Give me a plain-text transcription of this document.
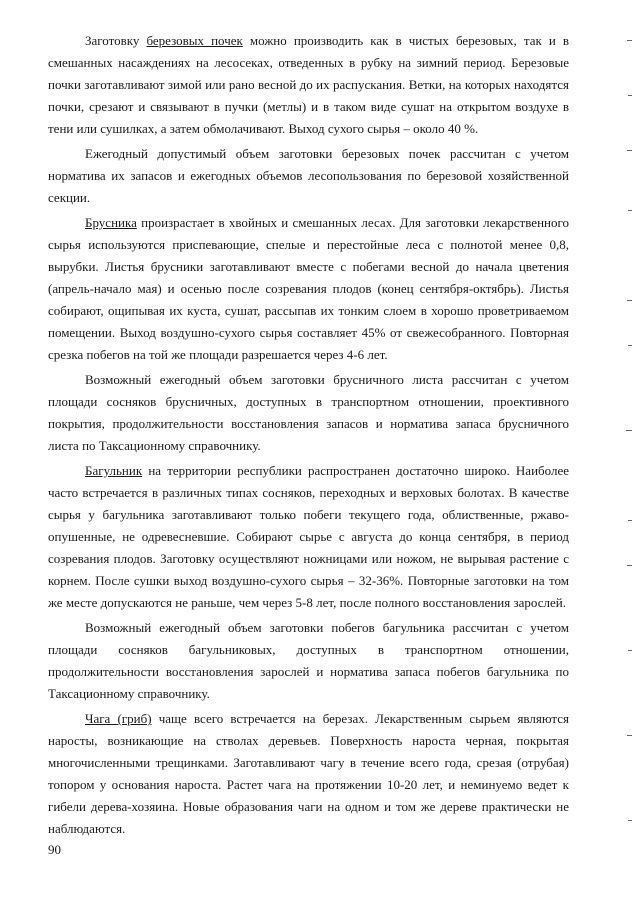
Заготовку березовых почек можно производить как в чистых березовых, так и в смешанных насаждениях на лесосеках, отведенных в рубку на зимний период. Березовые почки заготавливают зимой или рано весной до их распускания. Ветки, на которых находятся почки, срезают и связывают в пучки (метлы) и в таком виде сушат на открытом воздухе в тени или сушилках, а затем обмолачивают. Выход сухого сырья – около 40 %.

Ежегодный допустимый объем заготовки березовых почек рассчитан с учетом норматива их запасов и ежегодных объемов лесопользования по березовой хозяйственной секции.

Брусника произрастает в хвойных и смешанных лесах. Для заготовки лекарственного сырья используются приспевающие, спелые и перестойные леса с полнотой менее 0,8, вырубки. Листья брусники заготавливают вместе с побегами весной до начала цветения (апрель-начало мая) и осенью после созревания плодов (конец сентября-октябрь). Листья собирают, ощипывая их куста, сушат, рассыпав их тонким слоем в хорошо проветриваемом помещении. Выход воздушно-сухого сырья составляет 45% от свежесобранного. Повторная срезка побегов на той же площади разрешается через 4-6 лет.

Возможный ежегодный объем заготовки брусничного листа рассчитан с учетом площади сосняков брусничных, доступных в транспортном отношении, проективного покрытия, продолжительности восстановления запасов и норматива запаса брусничного листа по Таксационному справочнику.

Багульник на территории республики распространен достаточно широко. Наиболее часто встречается в различных типах сосняков, переходных и верховых болотах. В качестве сырья у багульника заготавливают только побеги текущего года, облиственные, ржаво-опушенные, не одревесневшие. Собирают сырье с августа до конца сентября, в период созревания плодов. Заготовку осуществляют ножницами или ножом, не вырывая растение с корнем. После сушки выход воздушно-сухого сырья – 32-36%. Повторные заготовки на том же месте допускаются не раньше, чем через 5-8 лет, после полного восстановления зарослей.

Возможный ежегодный объем заготовки побегов багульника рассчитан с учетом площади сосняков багульниковых, доступных в транспортном отношении, продолжительности восстановления зарослей и норматива запаса побегов багульника по Таксационному справочнику.

Чага (гриб) чаще всего встречается на березах. Лекарственным сырьем являются наросты, возникающие на стволах деревьев. Поверхность нароста черная, покрытая многочисленными трещинками. Заготавливают чагу в течение всего года, срезая (отрубая) топором у основания нароста. Растет чага на протяжении 10-20 лет, и неминуемо ведет к гибели дерева-хозяина. Новые образования чаги на одном и том же дереве практически не наблюдаются.

90
